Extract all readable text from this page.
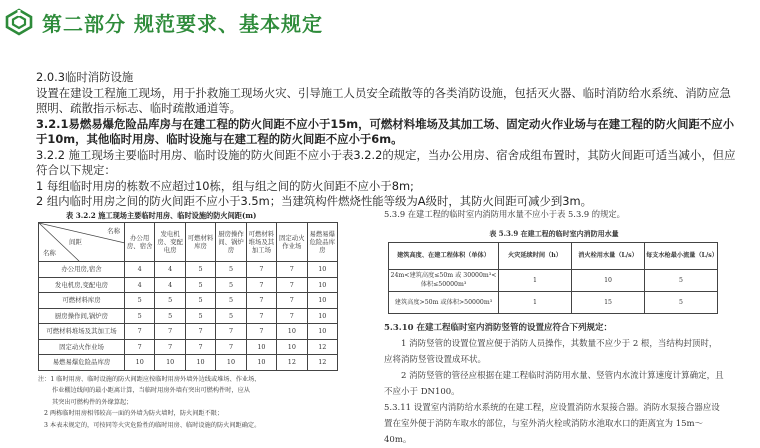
第二部分 规范要求、基本规定

2.0.3临时消防设施

设置在建设工程施工现场，用于扑救施工现场火灾、引导施工人员安全疏散等的各类消防设施，包括灭火器、临时消防给水系统、消防应急照明、疏散指示标志、临时疏散通道等。

3.2.1易燃易爆危险品库房与在建工程的防火间距不应小于15m，可燃材料堆场及其加工场、固定动火作业场与在建工程的防火间距不应小于10m，其他临时用房、临时设施与在建工程的防火间距不应小于6m。

3.2.2 施工现场主要临时用房、临时设施的防火间距不应小于表3.2.2的规定，当办公用房、宿舍成组布置时，其防火间距可适当减小，但应符合以下规定：

1 每组临时用房的栋数不应超过10栋，组与组之间的防火间距不应小于8m;

2 组内临时用房之间的防火间距不应小于3.5m；当建筑构件燃烧性能等级为A级时，其防火间距可减少到3m。

表 3.2.2 施工现场主要临时用房、临时设施的防火间距(m)
名称
间距
名称	办公用房、宿舍	发电机房、变配电房	可燃材料库房	厨房操作间、锅炉房	可燃材料堆场及其加工场	固定动火作业场	易燃易爆危险品库房
办公用房,宿舍	4	4	5	5	7	7	10
发电机房,变配电房	4	4	5	5	7	7	10
可燃材料库房	5	5	5	5	7	7	10
厨房操作间,锅炉房	5	5	5	5	7	7	10
可燃材料堆场及其加工场	7	7	7	7	7	10	10
固定动火作业场	7	7	7	7	10	10	12
易燃易爆危险品库房	10	10	10	10	10	12	12
注：1 临时用房、临时设施的防火间距应按临时用房外墙外边线或堆场、作业场、
作业棚边线间的最小距离计算，当临时用房外墙有突出可燃构件时，应从
其突出可燃构件的外缘算起；
2 两栋临时用房相邻较高一面的外墙为防火墙时，防火间距不限；
3 本表未规定的，可按同等火灾危险性的临时用房、临时设施的防火间距确定。
5.3.9 在建工程的临时室内消防用水量不应小于表 5.3.9 的规定。
表 5.3.9 在建工程的临时室内消防用水量
建筑高度、在建工程体积（单体）	火灾延续时间（h）	消火栓用水量（L/s）	每支水枪最小流量（L/s）
24m<建筑高度≤50m 或 30000m³<体积≤50000m³	1	10	5
建筑高度>50m 或体积>50000m³	1	15	5

5.3.10 在建工程临时室内消防竖管的设置应符合下列规定：

1 消防竖管的设置位置应便于消防人员操作，其数量不应少于 2 根，当结构封顶时，应将消防竖管设置成环状。

2 消防竖管的管径应根据在建工程临时消防用水量、竖管内水流计算速度计算确定，且不应小于 DN100。

5.3.11 设置室内消防给水系统的在建工程，应设置消防水泵接合器。消防水泵接合器应设置在室外便于消防车取水的部位，与室外消火栓或消防水池取水口的距离宜为 15m～40m。
